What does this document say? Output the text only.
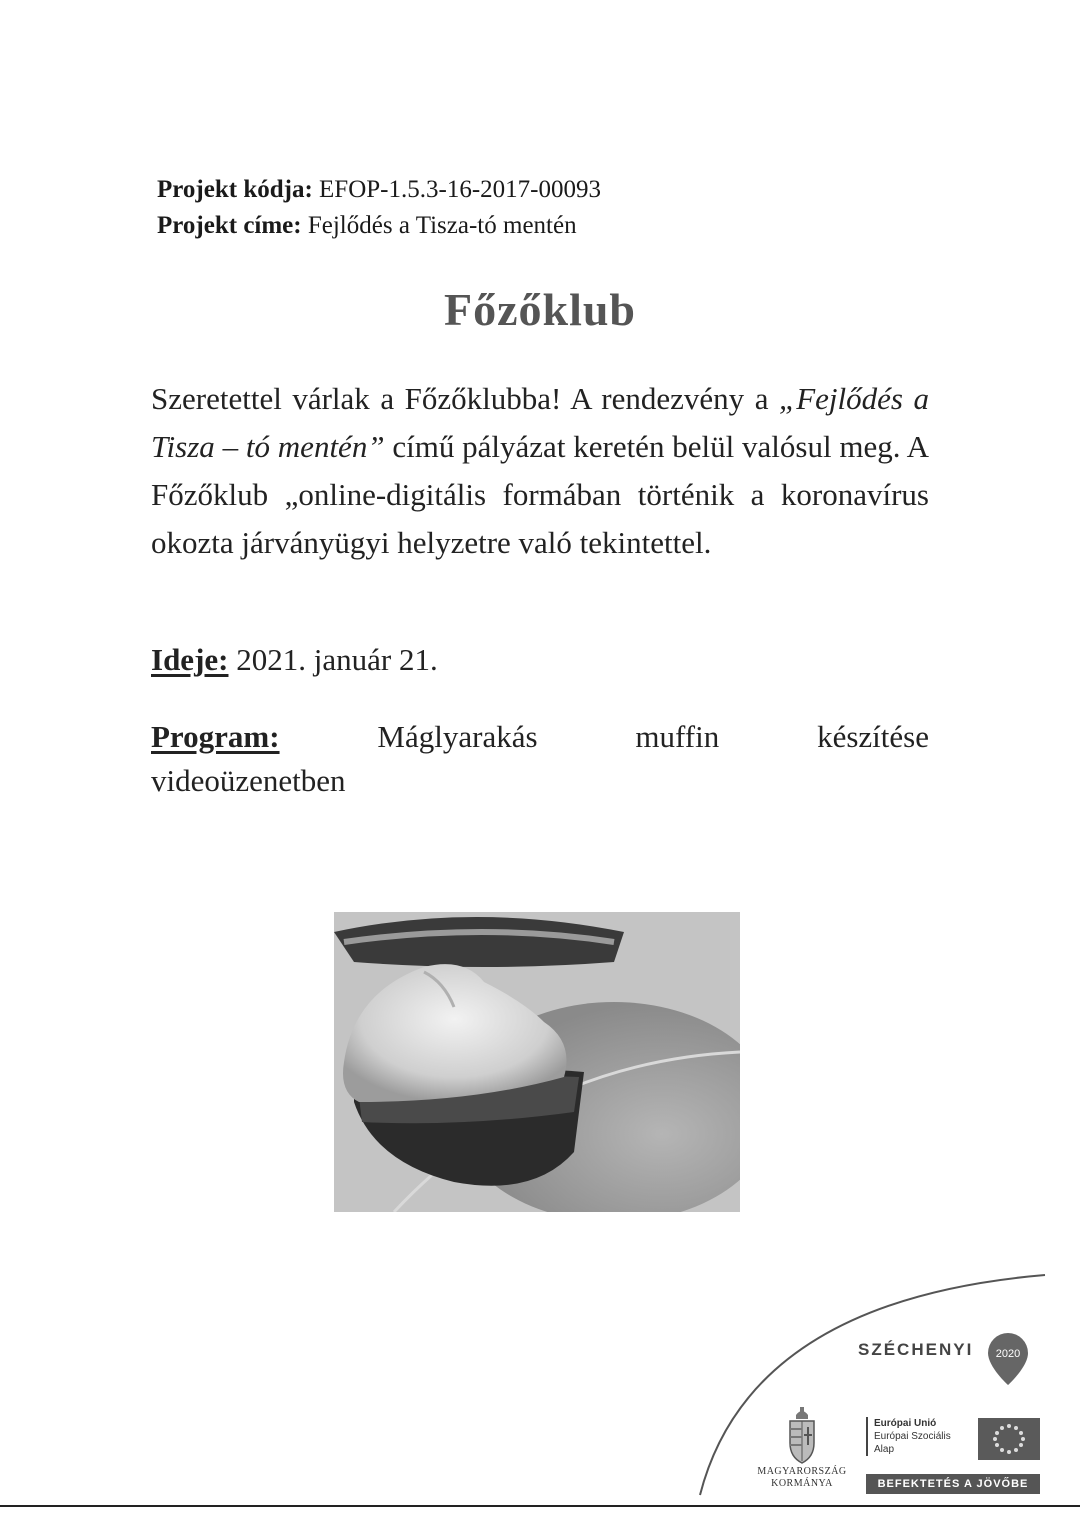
Projekt kódja: EFOP-1.5.3-16-2017-00093
Projekt címe: Fejlődés a Tisza-tó mentén
Főzőklub
Szeretettel várlak a Főzőklubba! A rendezvény a „Fejlődés a Tisza – tó mentén” című pályázat keretén belül valósul meg. A Főzőklub „online-digitális formában történik a koronavírus okozta járványügyi helyzetre való tekintettel.
Ideje: 2021. január 21.
Program:	Máglyarakás	muffin	készítése
videoüzenetben
SZÉCHENYI 2020
MAGYARORSZÁG
KORMÁNYA
Európai Unió
Európai Szociális
Alap
BEFEKTETÉS A JÖVŐBE
